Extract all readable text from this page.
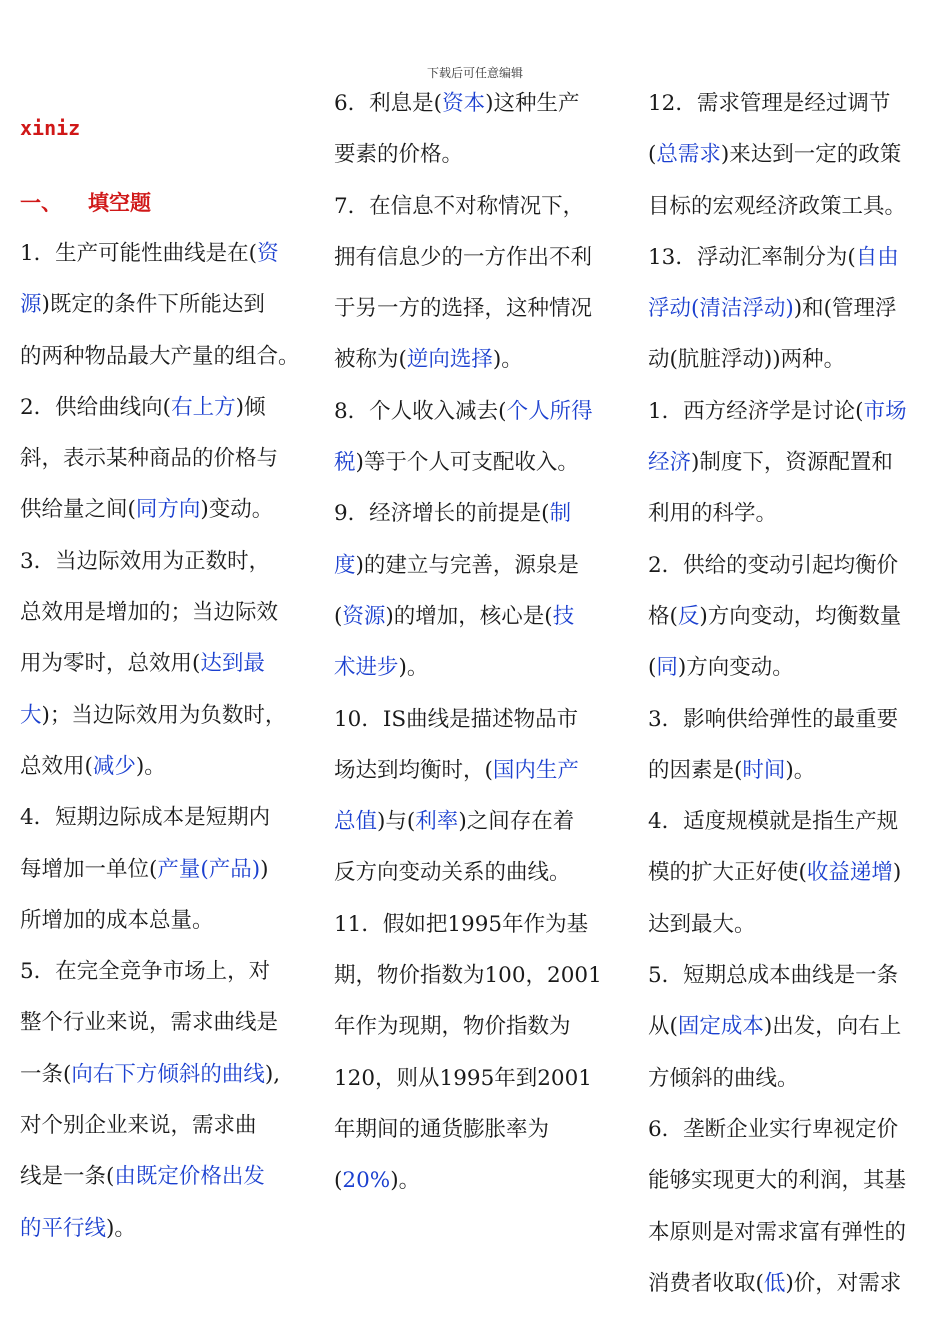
下载后可任意编辑
xiniz
一、 填空题

1．生产可能性曲线是在(资

源)既定的条件下所能达到

的两种物品最大产量的组合。

2．供给曲线向(右上方)倾

斜，表示某种商品的价格与

供给量之间(同方向)变动。

3．当边际效用为正数时，

总效用是增加的；当边际效

用为零时，总效用(达到最

大)；当边际效用为负数时，

总效用(减少)。

4．短期边际成本是短期内

每增加一单位(产量(产品))

所增加的成本总量。

5．在完全竞争市场上，对

整个行业来说，需求曲线是

一条(向右下方倾斜的曲线),

对个别企业来说，需求曲

线是一条(由既定价格出发

的平行线)。

6．利息是(资本)这种生产

要素的价格。

7．在信息不对称情况下，

拥有信息少的一方作出不利

于另一方的选择，这种情况

被称为(逆向选择)。

8．个人收入减去(个人所得

税)等于个人可支配收入。

9．经济增长的前提是(制

度)的建立与完善，源泉是

(资源)的增加，核心是(技

术进步)。

10．IS曲线是描述物品市

场达到均衡时，(国内生产

总值)与(利率)之间存在着

反方向变动关系的曲线。

11．假如把1995年作为基

期，物价指数为100，2001

年作为现期，物价指数为

120，则从1995年到2001

年期间的通货膨胀率为

(20%)。

12．需求管理是经过调节

(总需求)来达到一定的政策

目标的宏观经济政策工具。

13．浮动汇率制分为(自由

浮动(清洁浮动))和(管理浮

动(肮脏浮动))两种。

1．西方经济学是讨论(市场

经济)制度下，资源配置和

利用的科学。

2．供给的变动引起均衡价

格(反)方向变动，均衡数量

(同)方向变动。

3．影响供给弹性的最重要

的因素是(时间)。

4．适度规模就是指生产规

模的扩大正好使(收益递增)

达到最大。

5．短期总成本曲线是一条

从(固定成本)出发，向右上

方倾斜的曲线。

6．垄断企业实行卑视定价

能够实现更大的利润，其基

本原则是对需求富有弹性的

消费者收取(低)价，对需求
